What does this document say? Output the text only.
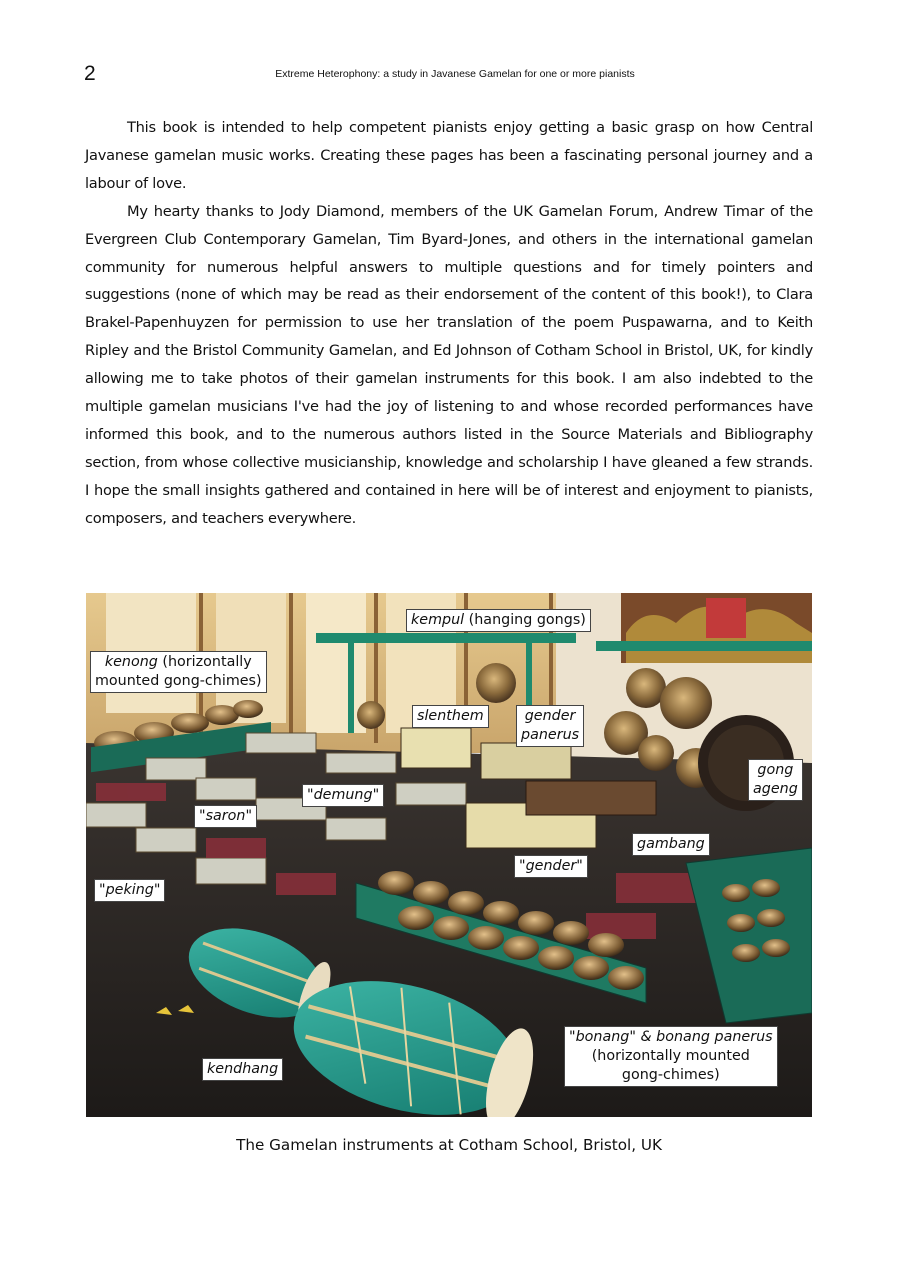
2	Extreme Heterophony: a study in Javanese Gamelan for one or more pianists

This book is intended to help competent pianists enjoy getting a basic grasp on how Central Javanese gamelan music works. Creating these pages has been a fascinating personal journey and a labour of love.

My hearty thanks to Jody Diamond, members of the UK Gamelan Forum, Andrew Timar of the Evergreen Club Contemporary Gamelan, Tim Byard-Jones, and others in the international gamelan community for numerous helpful answers to multiple questions and for timely pointers and suggestions (none of which may be read as their endorsement of the content of this book!), to Clara Brakel-Papenhuyzen for permission to use her translation of the poem Puspawarna, and to Keith Ripley and the Bristol Community Gamelan, and Ed Johnson of Cotham School in Bristol, UK, for kindly allowing me to take photos of their gamelan instruments for this book. I am also indebted to the multiple gamelan musicians I've had the joy of listening to and whose recorded performances have informed this book, and to the numerous authors listed in the Source Materials and Bibliography section, from whose collective musicianship, knowledge and scholarship I have gleaned a few strands. I hope the small insights gathered and contained in here will be of interest and enjoyment to pianists, composers, and teachers everywhere.

kempul (hanging gongs)
kenong (horizontally
mounted gong-chimes)
slenthem	gender
panerus
gong
ageng
"demung"
"saron"
gambang
"gender"
"peking"
kendhang
"bonang" & bonang panerus
(horizontally mounted
gong-chimes)
The Gamelan instruments at Cotham School, Bristol, UK
